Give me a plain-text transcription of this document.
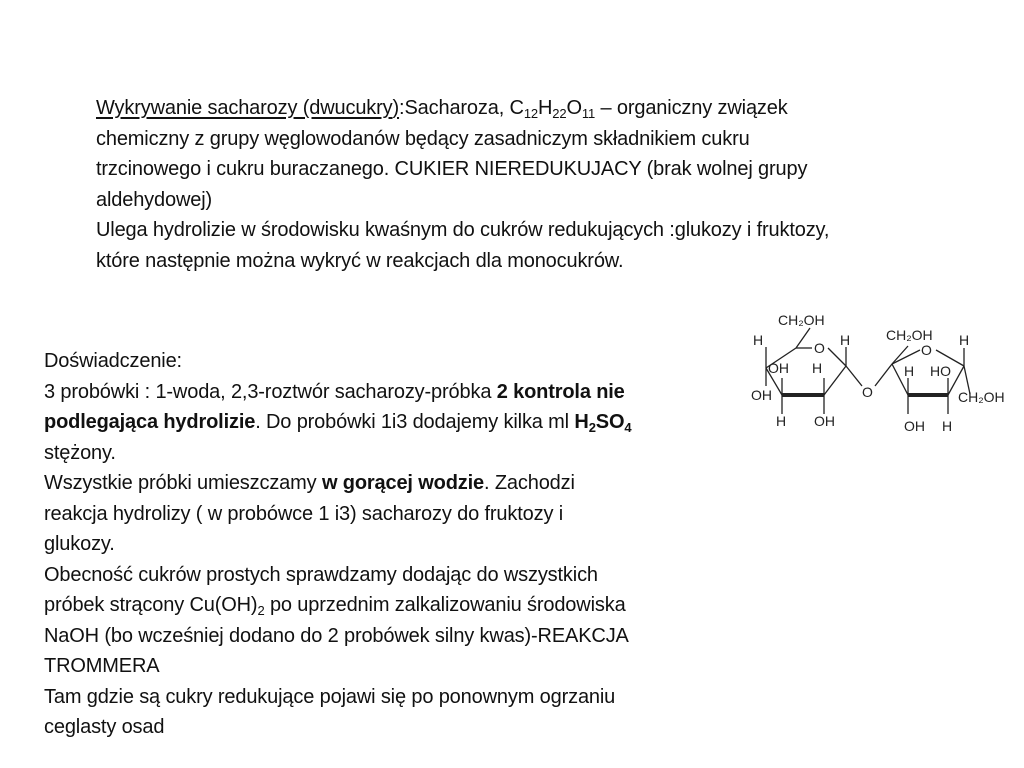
Wykrywanie sacharozy (dwucukry):Sacharoza, $C_{12}H_{22}O_{11}$ – organiczny związek
chemiczny z grupy węglowodanów będący zasadniczym składnikiem cukru
trzcinowego i cukru buraczanego. CUKIER NIEREDUKUJACY (brak wolnej grupy
aldehydowej)
Ulega hydrolizie w środowisku kwaśnym do cukrów redukujących :glukozy i fruktozy,
które następnie można wykryć w reakcjach dla monocukrów.
Doświadczenie:
3 probówki : 1-woda, 2,3-roztwór sacharozy-próbka 2 kontrola nie
podlegająca hydrolizie. Do probówki 1i3 dodajemy kilka ml $H_2SO_4$
stężony.
Wszystkie próbki umieszczamy w gorącej wodzie. Zachodzi
reakcja hydrolizy ( w probówce 1 i3) sacharozy do fruktozy i
glukozy.
Obecność cukrów prostych sprawdzamy dodając do wszystkich
próbek strącony $Cu(OH)_2$ po uprzednim zalkalizowaniu środowiska
NaOH (bo wcześniej dodano do 2 probówek silny kwas)-REAKCJA
TROMMERA
Tam gdzie są cukry redukujące pojawi się po ponownym ogrzaniu
ceglasty osad
CH₂OH
O
H	H
OH H
OH
H OH
O
CH₂OH
O
H
H HO
CH₂OH
OH H
